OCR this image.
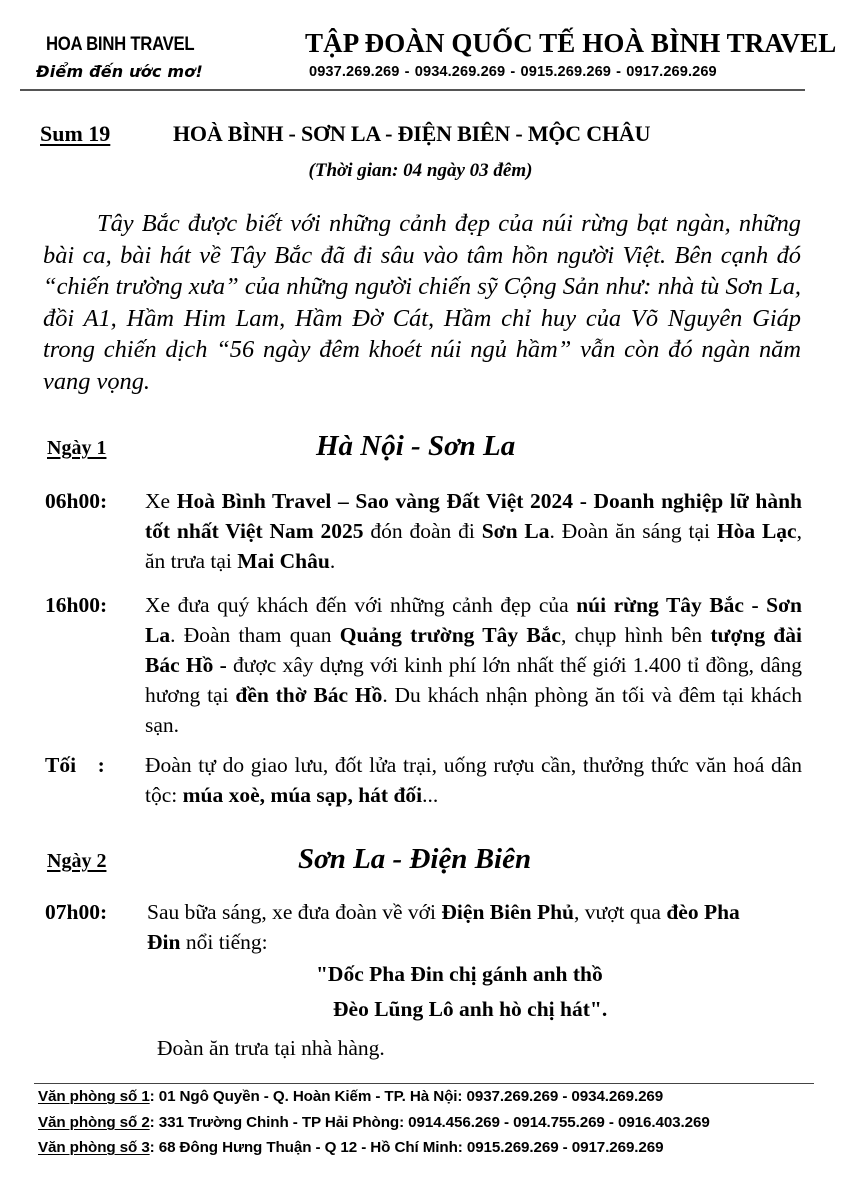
HOA BINH TRAVEL
Điểm đến ước mơ!
TẬP ĐOÀN QUỐC TẾ HOÀ BÌNH TRAVEL
0937.269.269 - 0934.269.269 - 0915.269.269 - 0917.269.269
Sum 19	HOÀ BÌNH - SƠN LA - ĐIỆN BIÊN - MỘC CHÂU
(Thời gian: 04 ngày 03 đêm)
Tây Bắc được biết với những cảnh đẹp của núi rừng bạt ngàn, những bài ca, bài hát về Tây Bắc đã đi sâu vào tâm hồn người Việt. Bên cạnh đó “chiến trường xưa” của những người chiến sỹ Cộng Sản như: nhà tù Sơn La, đồi A1, Hầm Him Lam, Hầm Đờ Cát, Hầm chỉ huy của Võ Nguyên Giáp trong chiến dịch “56 ngày đêm khoét núi ngủ hầm” vẫn còn đó ngàn năm vang vọng.
Ngày 1	Hà Nội - Sơn La
06h00: Xe Hoà Bình Travel – Sao vàng Đất Việt 2024 - Doanh nghiệp lữ hành tốt nhất Việt Nam 2025 đón đoàn đi Sơn La. Đoàn ăn sáng tại Hòa Lạc, ăn trưa tại Mai Châu.
16h00: Xe đưa quý khách đến với những cảnh đẹp của núi rừng Tây Bắc - Sơn La. Đoàn tham quan Quảng trường Tây Bắc, chụp hình bên tượng đài Bác Hồ - được xây dựng với kinh phí lớn nhất thế giới 1.400 tỉ đồng, dâng hương tại đền thờ Bác Hồ. Du khách nhận phòng ăn tối và đêm tại khách sạn.
Tối    : Đoàn tự do giao lưu, đốt lửa trại, uống rượu cần, thưởng thức văn hoá dân tộc: múa xoè, múa sạp, hát đối...
Ngày 2	Sơn La - Điện Biên
07h00: Sau bữa sáng, xe đưa đoàn về với Điện Biên Phủ, vượt qua đèo Pha Đin nổi tiếng:
"Dốc Pha Đin chị gánh anh thồ
Đèo Lũng Lô anh hò chị hát".
Đoàn ăn trưa tại nhà hàng.
Văn phòng số 1: 01 Ngô Quyền - Q. Hoàn Kiếm - TP. Hà Nội: 0937.269.269 - 0934.269.269
Văn phòng số 2: 331 Trường Chinh - TP Hải Phòng: 0914.456.269 - 0914.755.269 - 0916.403.269
Văn phòng số 3: 68 Đông Hưng Thuận - Q 12 - Hồ Chí Minh: 0915.269.269 - 0917.269.269
